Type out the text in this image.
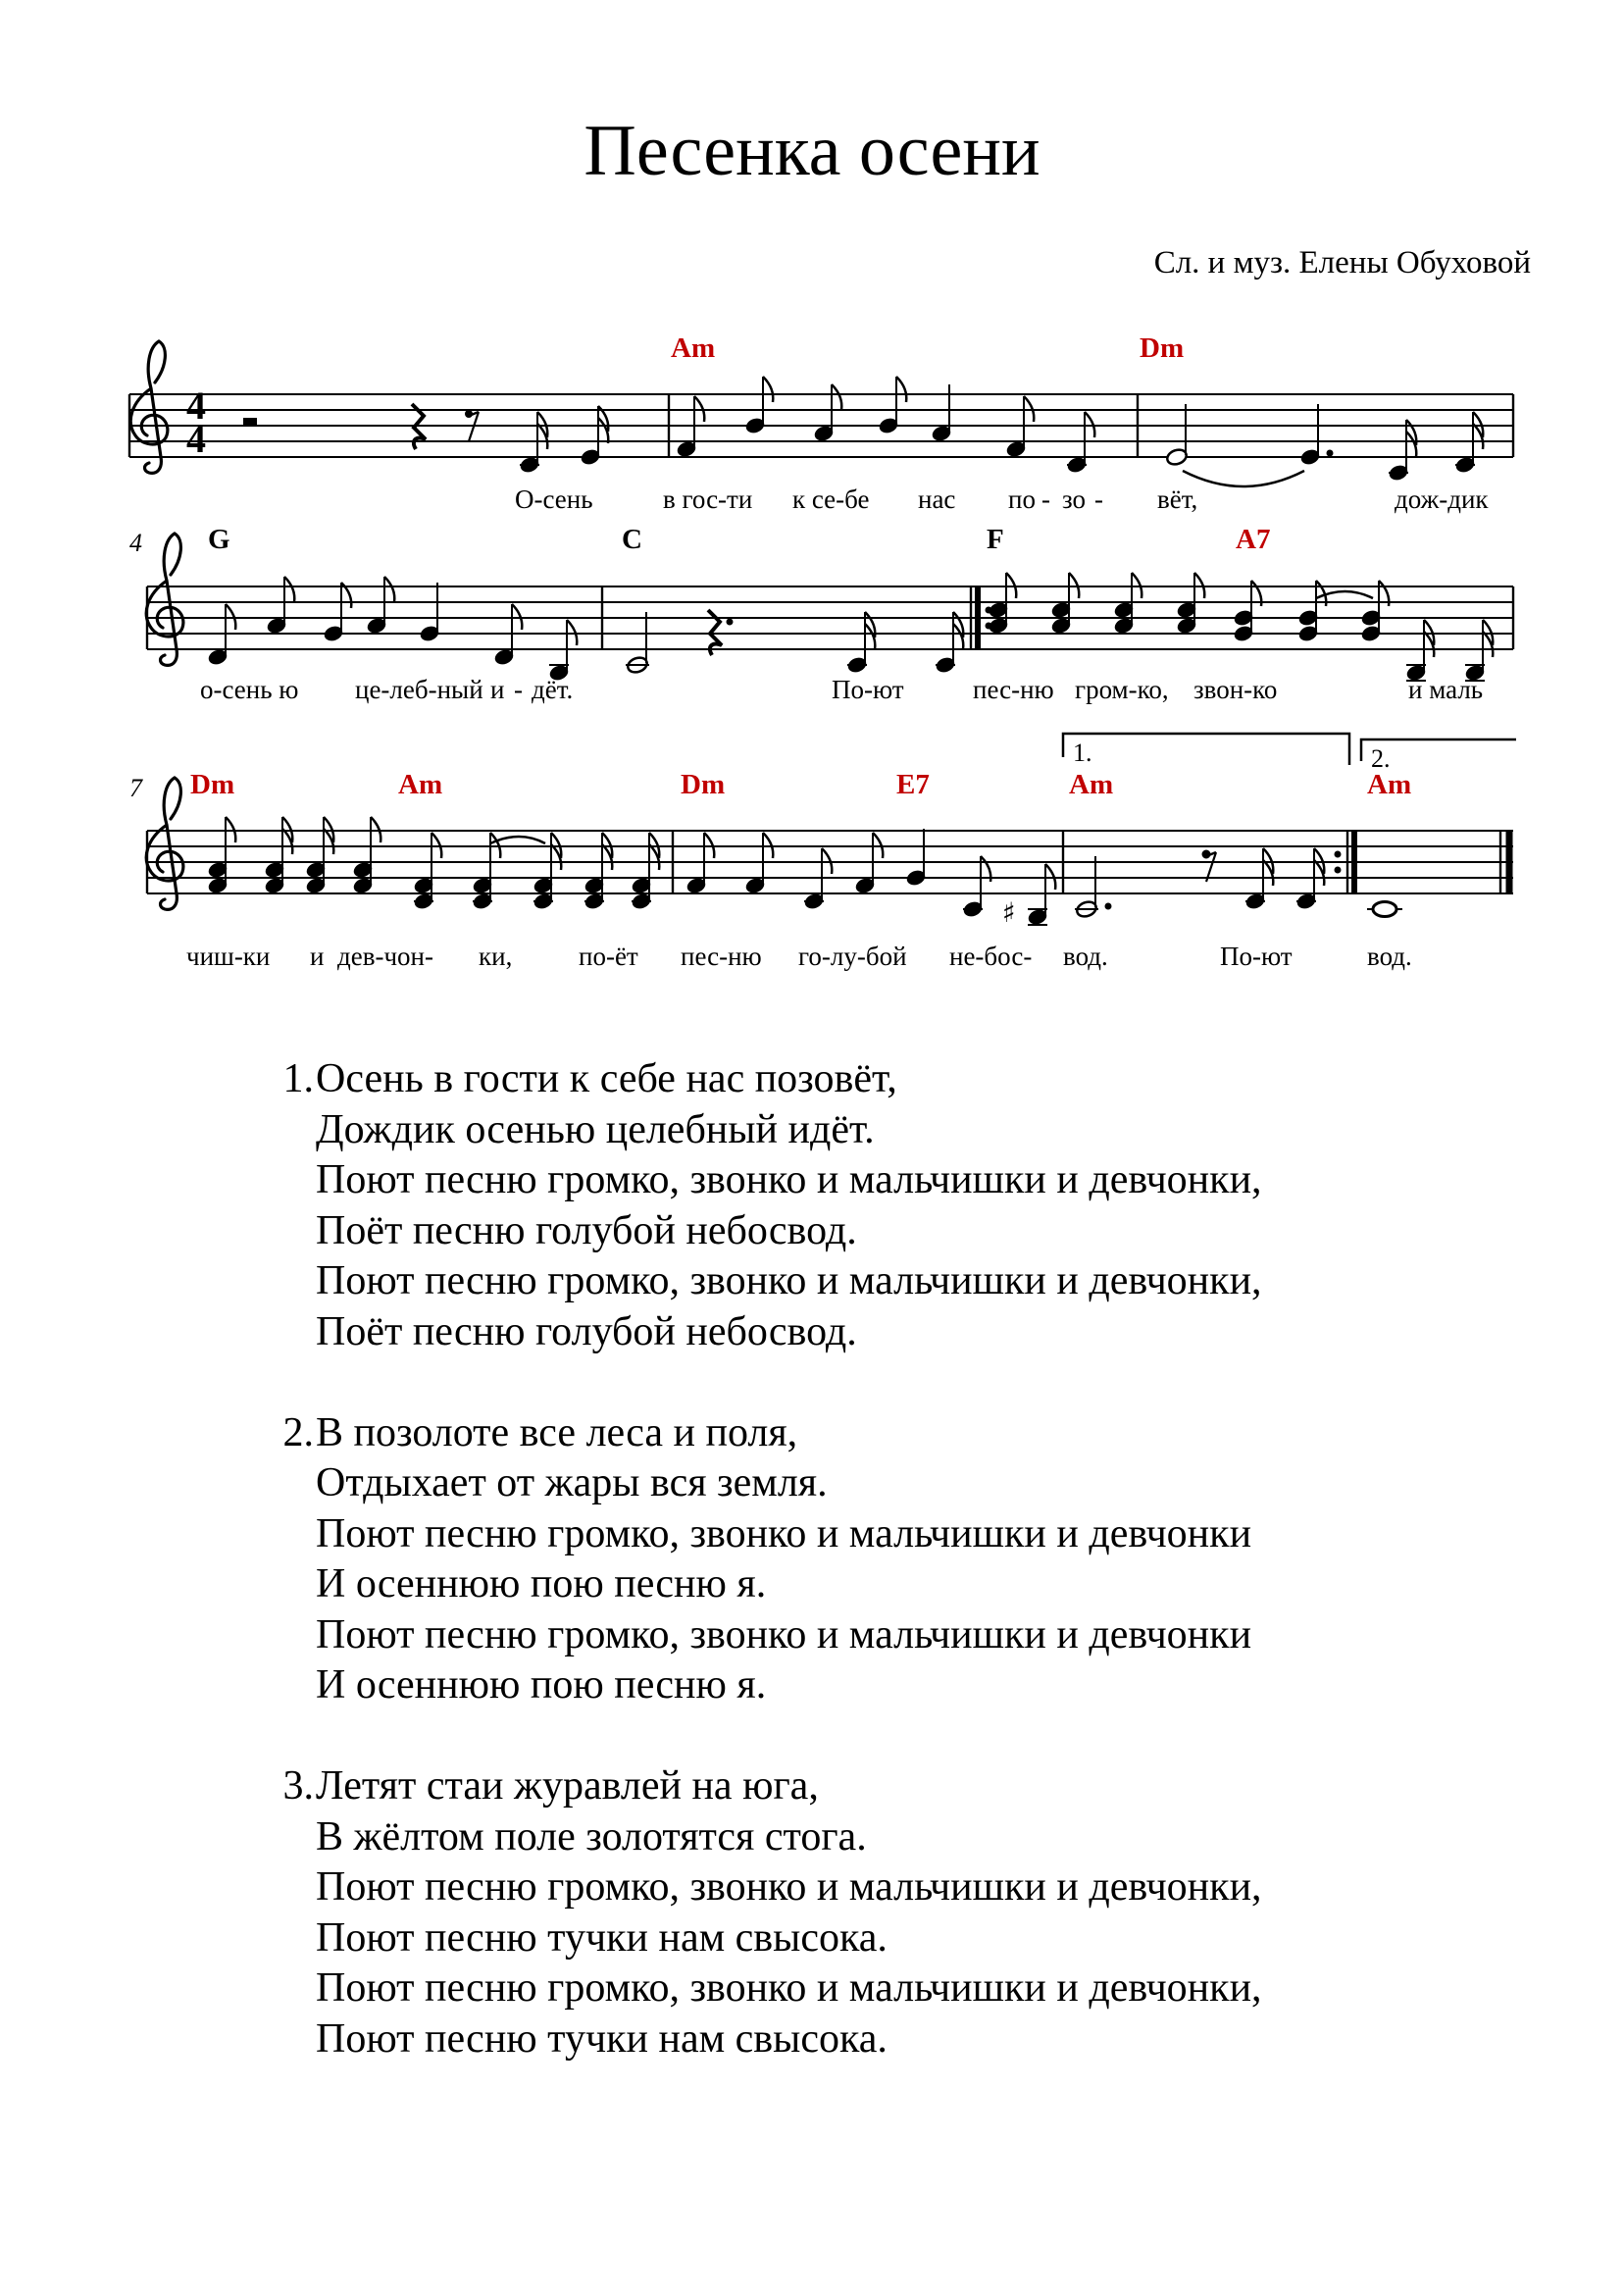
Песенка осени
Сл. и муз. Елены Обуховой
4
4
Am	Dm
О-сень	в гос-ти к се-бе нас по - зо - вёт,	дож-дик
4 G	C	F	A7
о-сень ю це-леб-ный и - дёт.	По-ют	пес-ню гром-ко, звон-ко	и маль
7
1.	2.
♯
Dm	Am	Dm	E7	Am	Am
чиш-ки и дев-чон- ки,	по-ёт пес-ню го-лу-бой не-бос- вод.	По-ют	вод.
1.Осень в гости к себе нас позовёт,
Дождик осенью целебный идёт.
Поют песню громко, звонко и мальчишки и девчонки,
Поёт песню голубой небосвод.
Поют песню громко, звонко и мальчишки и девчонки,
Поёт песню голубой небосвод.
2.В позолоте все леса и поля,
Отдыхает от жары вся земля.
Поют песню громко, звонко и мальчишки и девчонки
И осеннюю пою песню я.
Поют песню громко, звонко и мальчишки и девчонки
И осеннюю пою песню я.
3.Летят стаи журавлей на юга,
В жёлтом поле золотятся стога.
Поют песню громко, звонко и мальчишки и девчонки,
Поют песню тучки нам свысока.
Поют песню громко, звонко и мальчишки и девчонки,
Поют песню тучки нам свысока.
